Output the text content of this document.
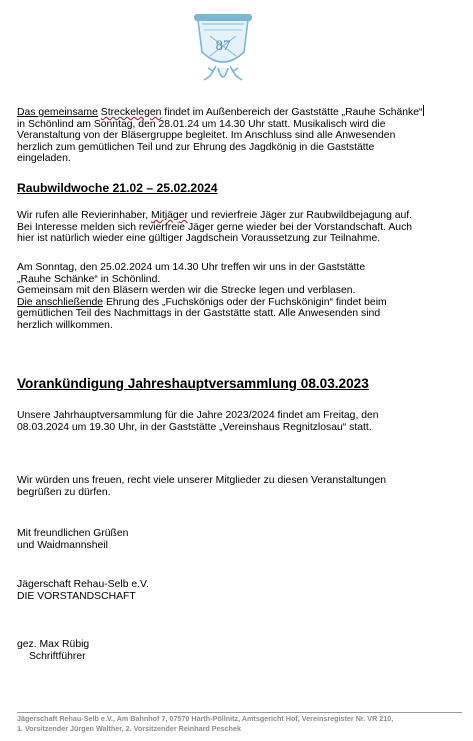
87

Das gemeinsame Streckelegen findet im Außenbereich der Gaststätte „Rauhe Schänke“
in Schönlind am Sonntag, den 28.01.24 um 14.30 Uhr statt. Musikalisch wird die
Veranstaltung von der Bläsergruppe begleitet. Im Anschluss sind alle Anwesenden
herzlich zum gemütlichen Teil und zur Ehrung des Jagdkönig in die Gaststätte
eingeladen.

Raubwildwoche 21.02 – 25.02.2024

Wir rufen alle Revierinhaber, Mitjäger und revierfreie Jäger zur Raubwildbejagung auf.
Bei Interesse melden sich revierfreie Jäger gerne wieder bei der Vorstandschaft. Auch
hier ist natürlich wieder eine gültiger Jagdschein Voraussetzung zur Teilnahme.

Am Sonntag, den 25.02.2024 um 14.30 Uhr treffen wir uns in der Gaststätte
„Rauhe Schänke“ in Schönlind.
Gemeinsam mit den Bläsern werden wir die Strecke legen und verblasen.
Die anschließende Ehrung des „Fuchskönigs oder der Fuchskönigin“ findet beim
gemütlichen Teil des Nachmittags in der Gaststätte statt. Alle Anwesenden sind
herzlich willkommen.

Vorankündigung Jahreshauptversammlung 08.03.2023

Unsere Jahrhauptversammlung für die Jahre 2023/2024 findet am Freitag, den
08.03.2024 um 19.30 Uhr, in der Gaststätte „Vereinshaus Regnitzlosau“ statt.

Wir würden uns freuen, recht viele unserer Mitglieder zu diesen Veranstaltungen
begrüßen zu dürfen.

Mit freundlichen Grüßen
und Waidmannsheil

Jägerschaft Rehau-Selb e.V.
DIE VORSTANDSCHAFT

gez. Max Rübig
Schriftführer

Jägerschaft Rehau-Selb e.V., Am Bahnhof 7, 07570 Harth-Pöllnitz, Amtsgericht Hof, Vereinsregister Nr. VR 210,
1. Vorsitzender Jürgen Walther, 2. Vorsitzender Reinhard Peschek
